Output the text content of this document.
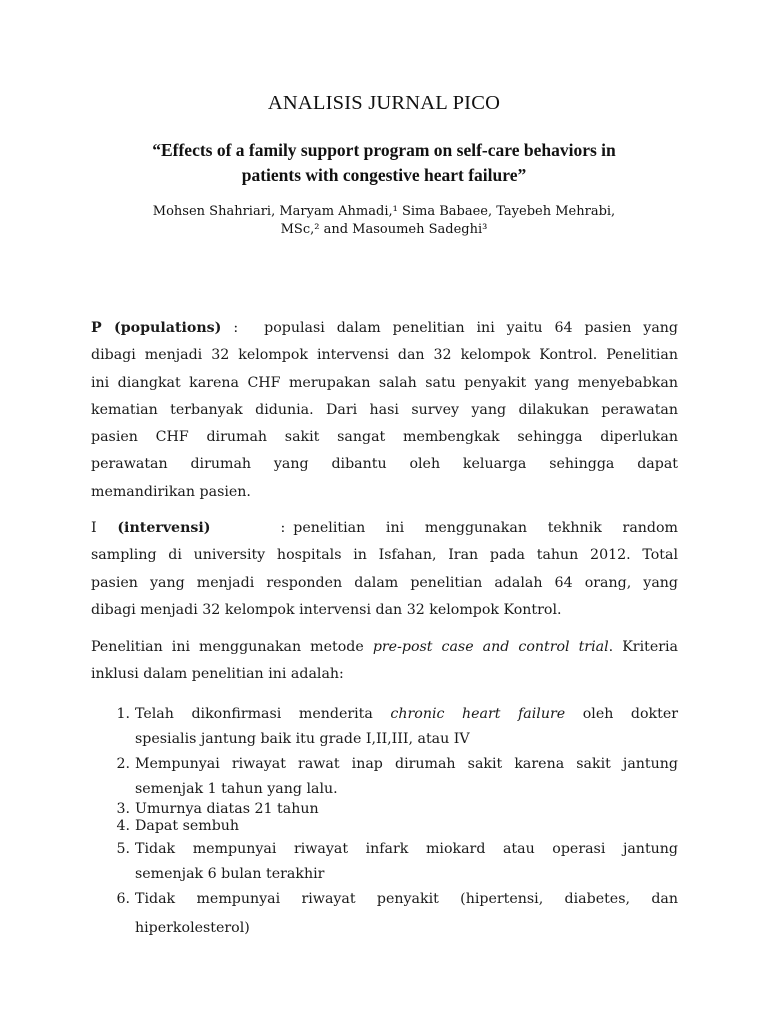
ANALISIS JURNAL PICO
“Effects of a family support program on self-care behaviors in
patients with congestive heart failure”
Mohsen Shahriari, Maryam Ahmadi,¹ Sima Babaee, Tayebeh Mehrabi,
MSc,² and Masoumeh Sadeghi³

P (populations) : populasi dalam penelitian ini yaitu 64 pasien yang

dibagi menjadi 32 kelompok intervensi dan 32 kelompok Kontrol. Penelitian

ini diangkat karena CHF merupakan salah satu penyakit yang menyebabkan

kematian terbanyak didunia. Dari hasi survey yang dilakukan perawatan

pasien CHF dirumah sakit sangat membengkak sehingga diperlukan

perawatan dirumah yang dibantu oleh keluarga sehingga dapat

memandirikan pasien.

I (intervensi)	: penelitian ini menggunakan tekhnik random

sampling di university hospitals in Isfahan, Iran pada tahun 2012. Total

pasien yang menjadi responden dalam penelitian adalah 64 orang, yang

dibagi menjadi 32 kelompok intervensi dan 32 kelompok Kontrol.

Penelitian ini menggunakan metode pre-post case and control trial. Kriteria

inklusi dalam penelitian ini adalah:

1. Telah dikonfirmasi menderita chronic heart failure oleh dokter
spesialis jantung baik itu grade I,II,III, atau IV
2. Mempunyai riwayat rawat inap dirumah sakit karena sakit jantung
semenjak 1 tahun yang lalu.
3. Umurnya diatas 21 tahun
4. Dapat sembuh
5. Tidak mempunyai riwayat infark miokard atau operasi jantung
semenjak 6 bulan terakhir
6. Tidak mempunyai riwayat penyakit (hipertensi, diabetes, dan
hiperkolesterol)
